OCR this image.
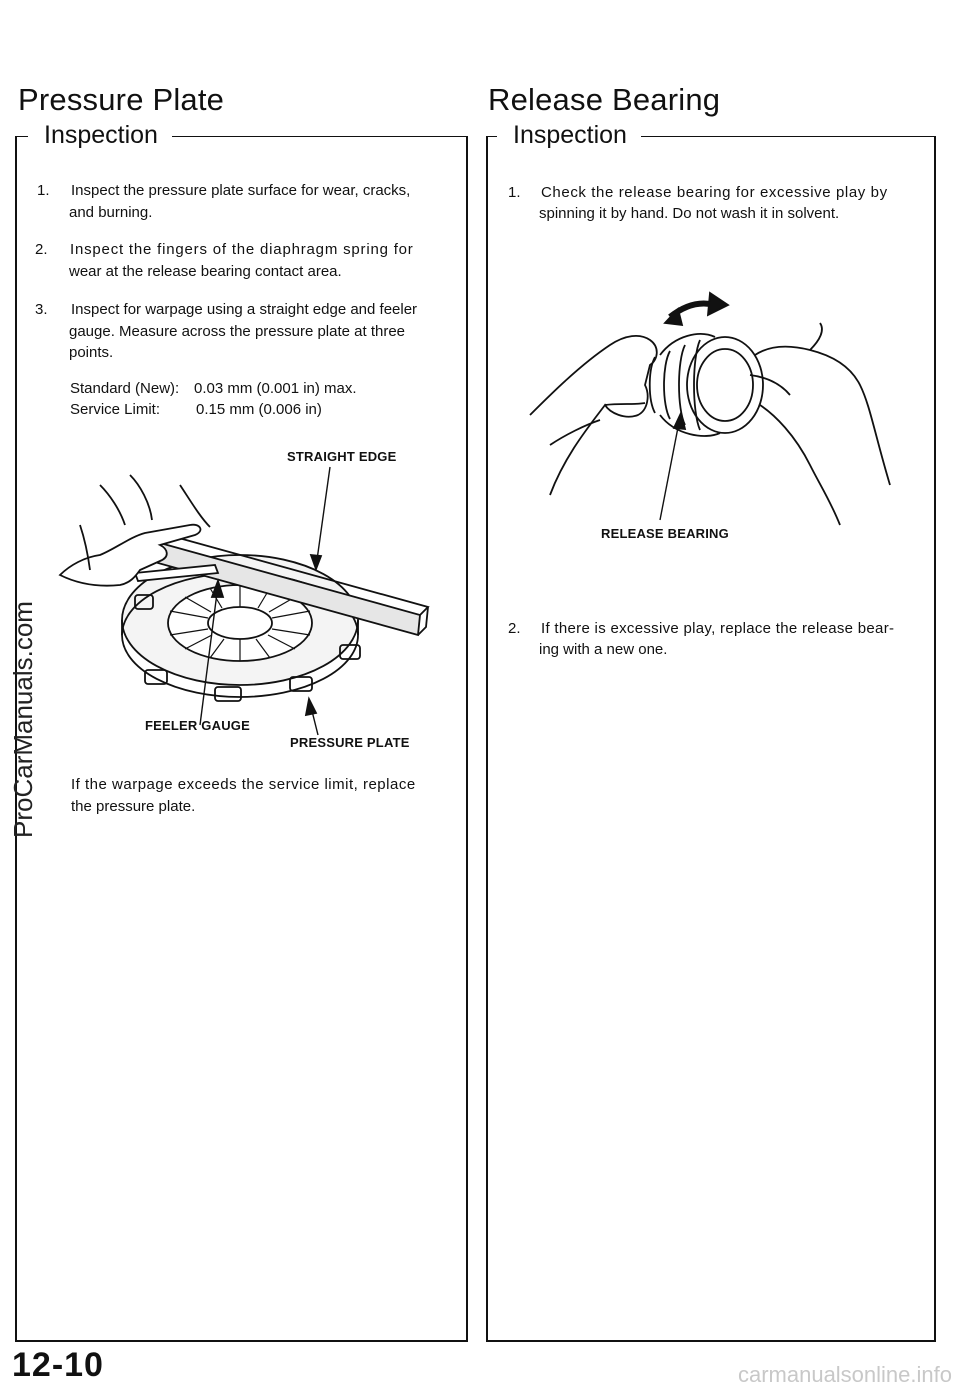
Pressure Plate
Inspection
1. Inspect the pressure plate surface for wear, cracks,
and burning.
2. Inspect the fingers of the diaphragm spring for
wear at the release bearing contact area.
3. Inspect for warpage using a straight edge and feeler
gauge. Measure across the pressure plate at three
points.
Standard (New): 0.03 mm (0.001 in) max.
Service Limit: 0.15 mm (0.006 in)
STRAIGHT EDGE
FEELER GAUGE
PRESSURE PLATE
If the warpage exceeds the service limit, replace
the pressure plate.
Release Bearing
Inspection
1. Check the release bearing for excessive play by
spinning it by hand. Do not wash it in solvent.
RELEASE BEARING
2. If there is excessive play, replace the release bear-
ing with a new one.
ProCarManuals.com
12-10	carmanualsonline.info
